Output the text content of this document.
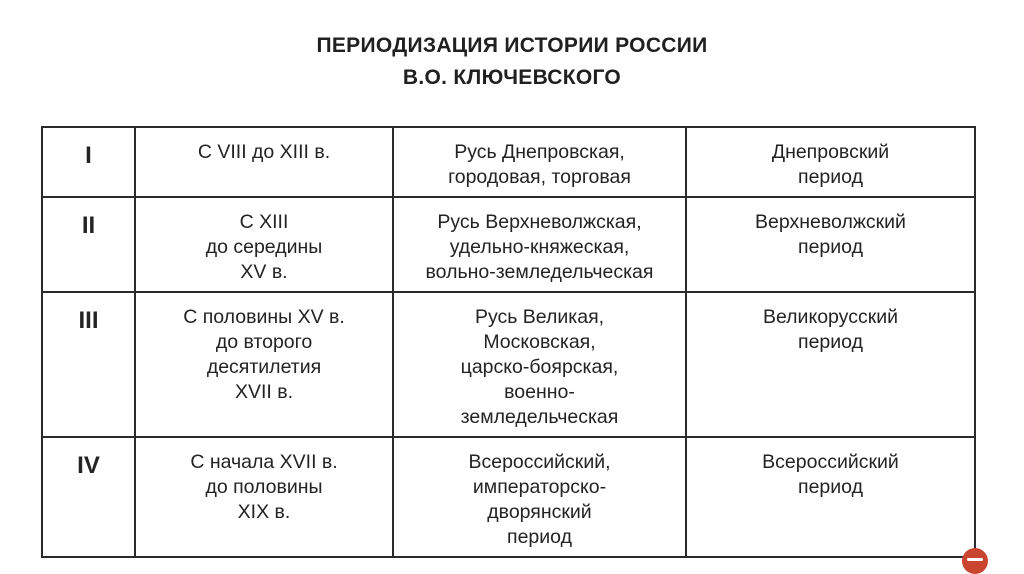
ПЕРИОДИЗАЦИЯ ИСТОРИИ РОССИИ
В.О. КЛЮЧЕВСКОГО
I	С VIII до XIII в.	Русь Днепровская,
городовая, торговая	Днепровский
период
II	С XIII
до середины
XV в.	Русь Верхневолжская,
удельно-княжеская,
вольно-земледельческая	Верхневолжский
период
III	С половины XV в.
до второго
десятилетия
XVII в.	Русь Великая,
Московская,
царско-боярская,
военно-
земледельческая	Великорусский
период
IV	С начала XVII в.
до половины
XIX в.	Всероссийский,
императорско-
дворянский
период	Всероссийский
период
